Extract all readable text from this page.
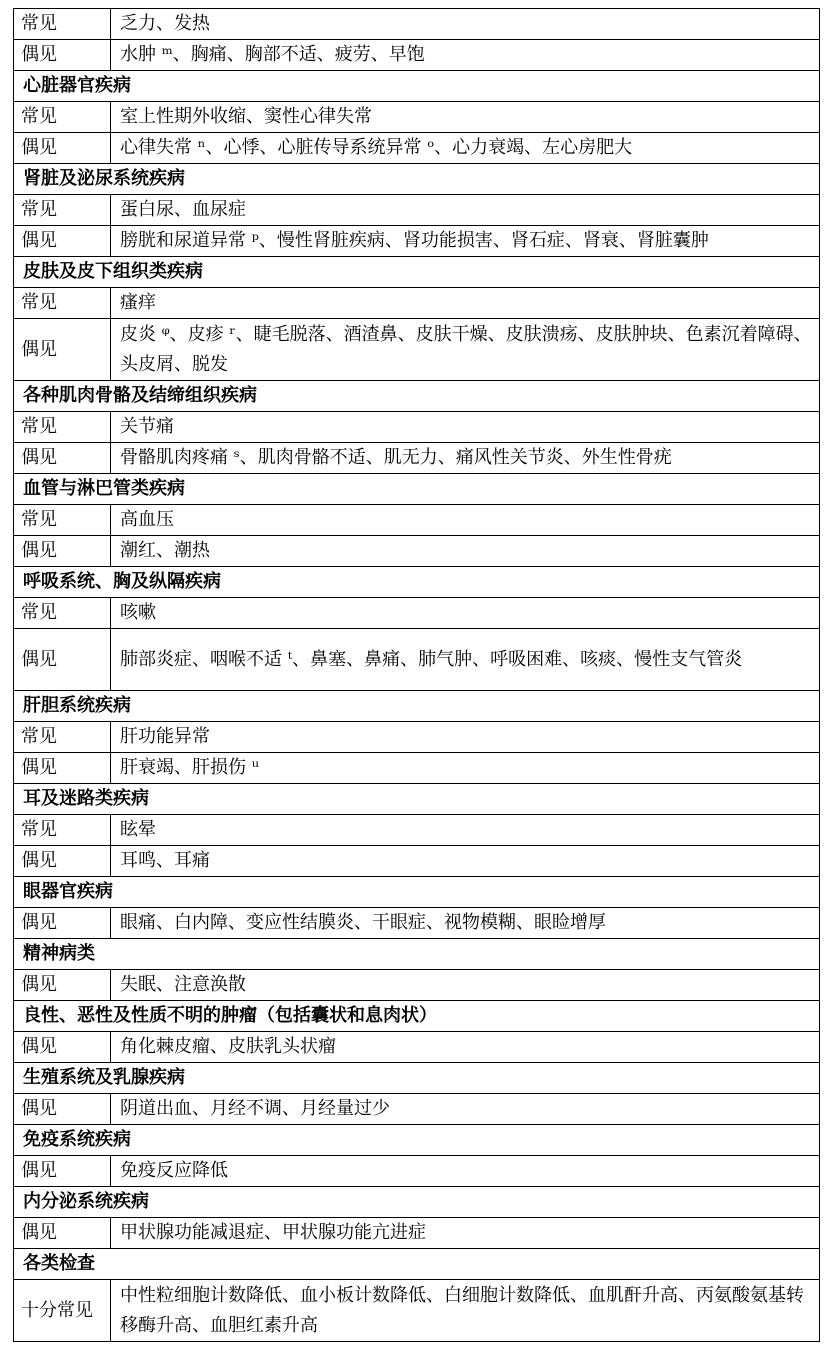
常见	乏力、发热
偶见	水肿 ᵐ、胸痛、胸部不适、疲劳、早饱
心脏器官疾病	
常见	室上性期外收缩、窦性心律失常
偶见	心律失常 ⁿ、心悸、心脏传导系统异常 ᵒ、心力衰竭、左心房肥大
肾脏及泌尿系统疾病	
常见	蛋白尿、血尿症
偶见	膀胱和尿道异常 ᵖ、慢性肾脏疾病、肾功能损害、肾石症、肾衰、肾脏囊肿
皮肤及皮下组织类疾病	
常见	瘙痒
偶见	皮炎 ᵠ、皮疹 ʳ、睫毛脱落、酒渣鼻、皮肤干燥、皮肤溃疡、皮肤肿块、色素沉着障碍、头皮屑、脱发
各种肌肉骨骼及结缔组织疾病	
常见	关节痛
偶见	骨骼肌肉疼痛 ˢ、肌肉骨骼不适、肌无力、痛风性关节炎、外生性骨疣
血管与淋巴管类疾病	
常见	高血压
偶见	潮红、潮热
呼吸系统、胸及纵隔疾病	
常见	咳嗽
偶见	肺部炎症、咽喉不适 ᵗ、鼻塞、鼻痛、肺气肿、呼吸困难、咳痰、慢性支气管炎
肝胆系统疾病	
常见	肝功能异常
偶见	肝衰竭、肝损伤 ᵘ
耳及迷路类疾病	
常见	眩晕
偶见	耳鸣、耳痛
眼器官疾病	
偶见	眼痛、白内障、变应性结膜炎、干眼症、视物模糊、眼睑增厚
精神病类	
偶见	失眠、注意涣散
良性、恶性及性质不明的肿瘤（包括囊状和息肉状）	
偶见	角化棘皮瘤、皮肤乳头状瘤
生殖系统及乳腺疾病	
偶见	阴道出血、月经不调、月经量过少
免疫系统疾病	
偶见	免疫反应降低
内分泌系统疾病	
偶见	甲状腺功能减退症、甲状腺功能亢进症
各类检查	
十分常见	中性粒细胞计数降低、血小板计数降低、白细胞计数降低、血肌酐升高、丙氨酸氨基转移酶升高、血胆红素升高
